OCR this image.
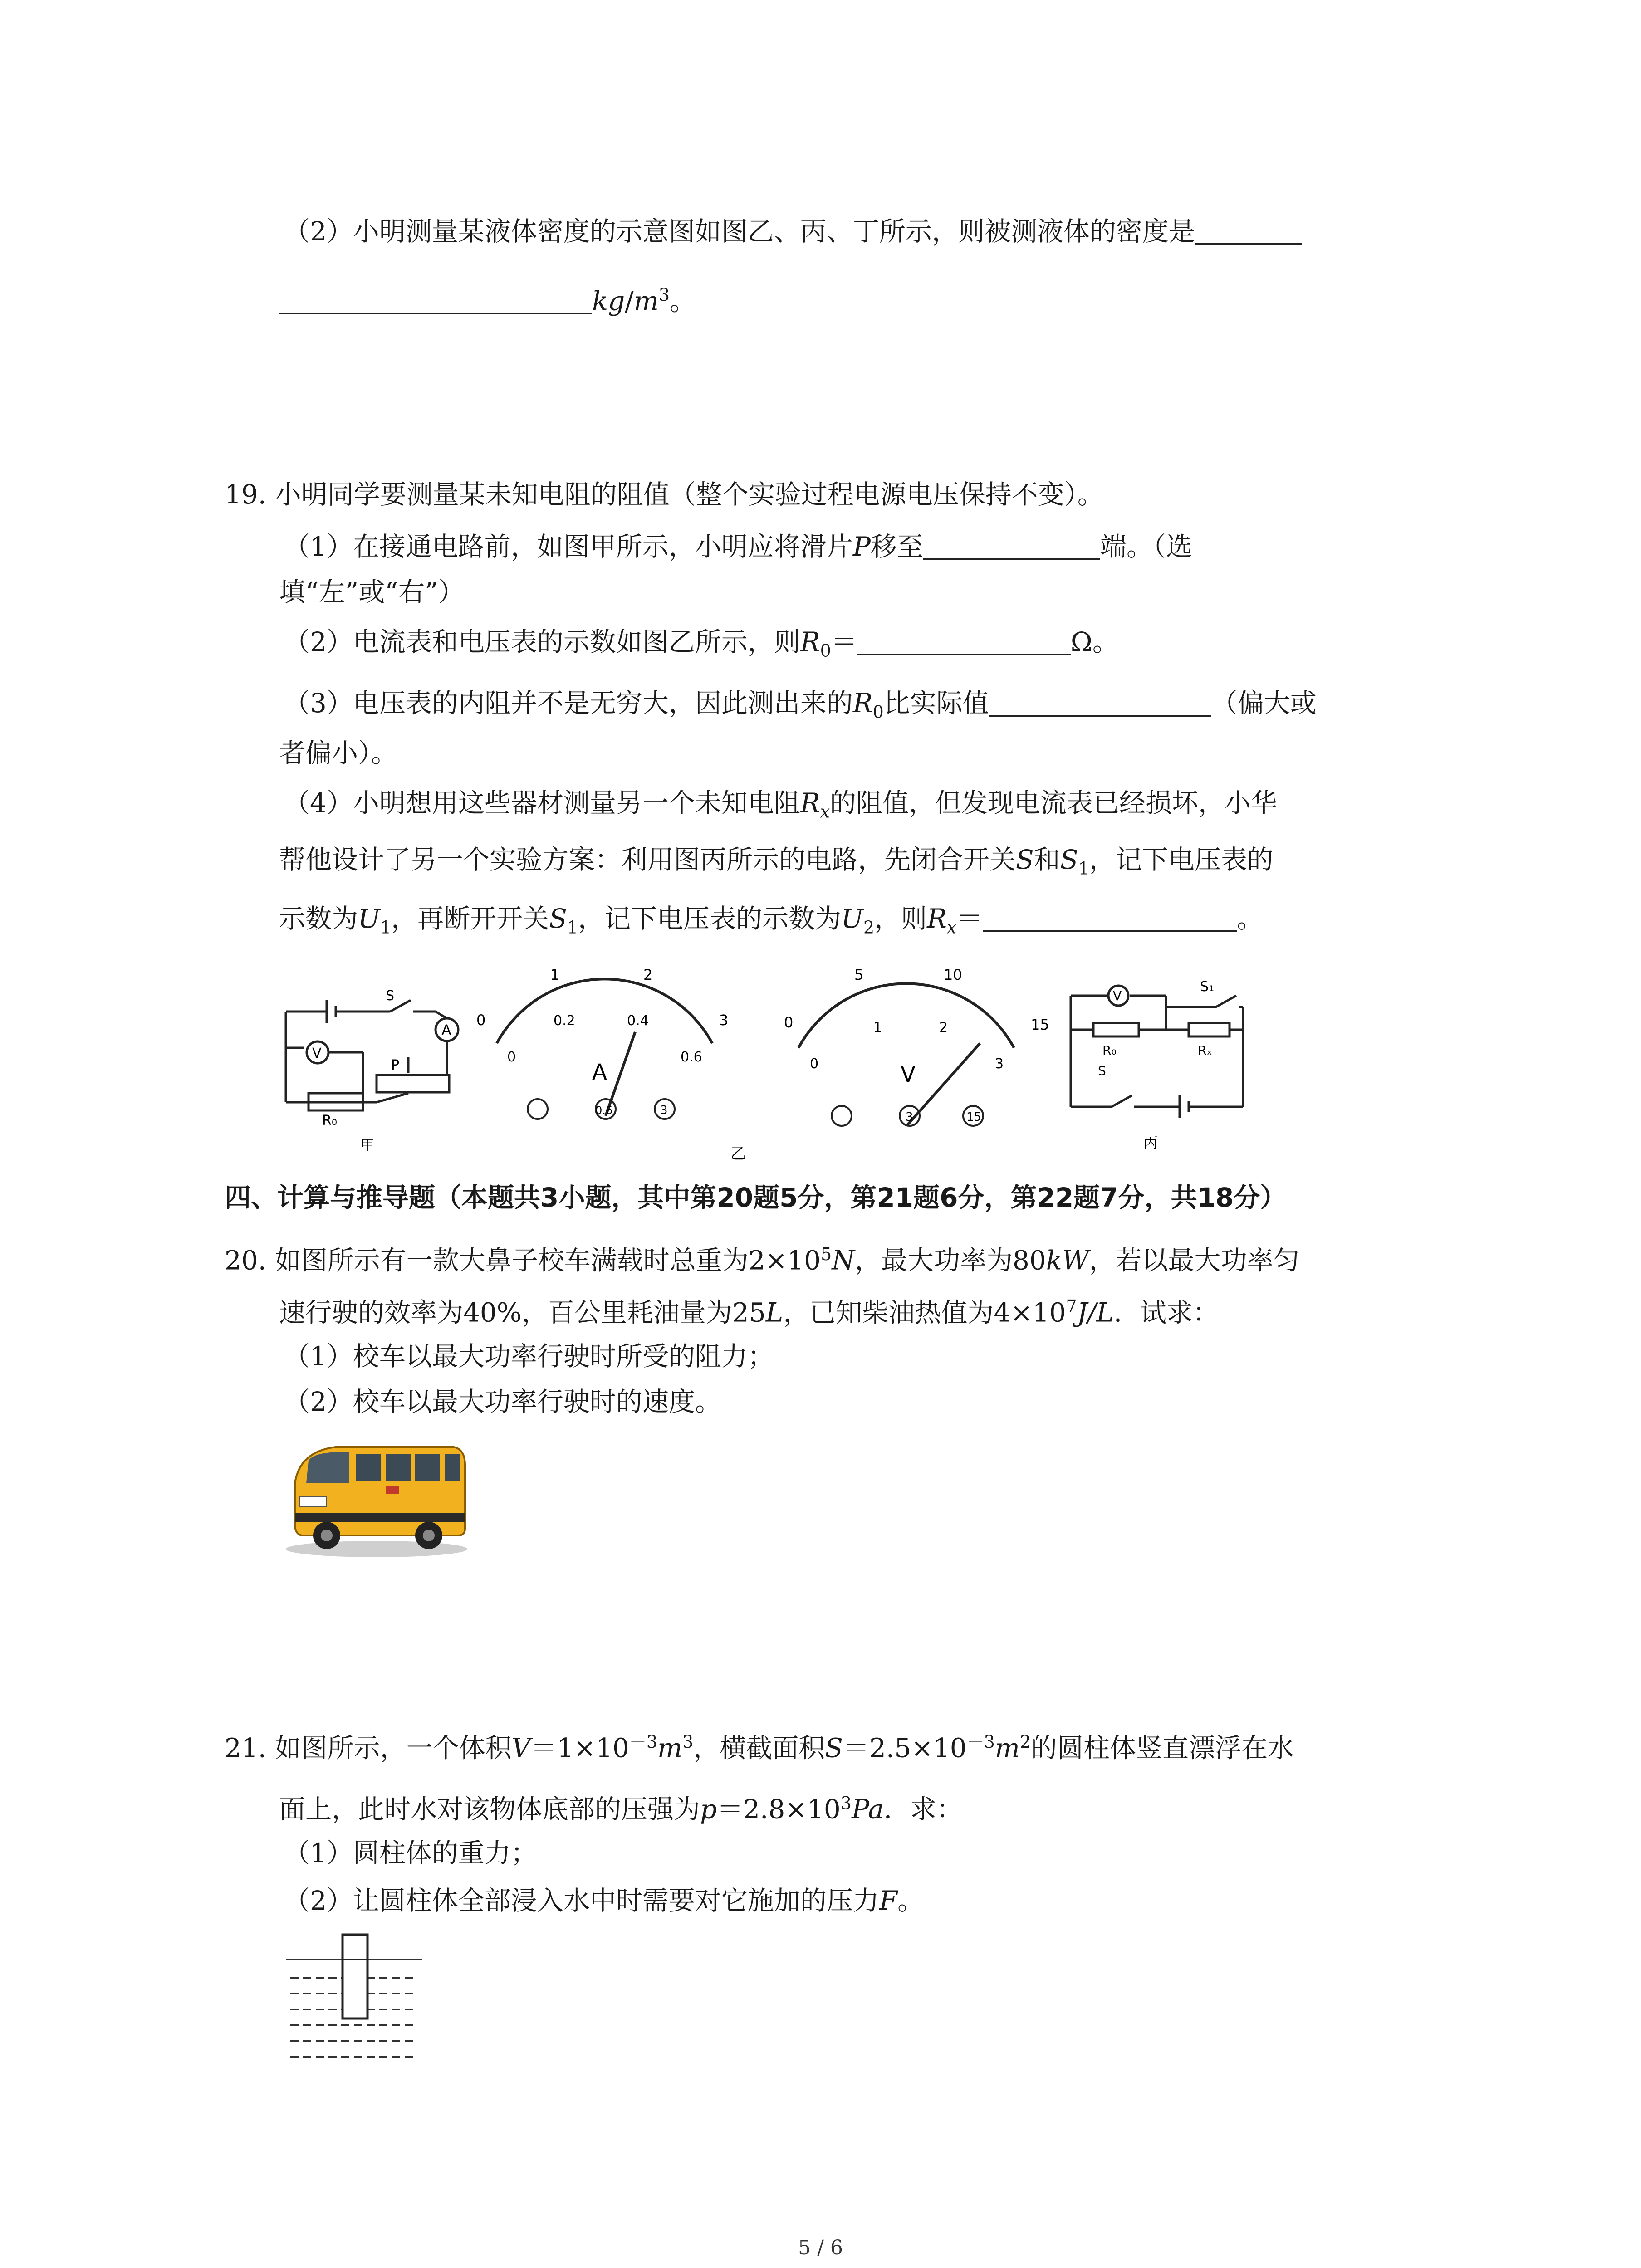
（2）小明测量某液体密度的示意图如图乙、丙、丁所示，则被测液体的密度是
$kg/m^3$。
19. 小明同学要测量某未知电阻的阻值（整个实验过程电源电压保持不变）。
（1）在接通电路前，如图甲所示，小明应将滑片P移至	端。（选
填“左”或“右”）
（2）电流表和电压表的示数如图乙所示，则$R_0=$	Ω。
（3）电压表的内阻并不是无穷大，因此测出来的$R_0$比实际值	（偏大或
者偏小）。
（4）小明想用这些器材测量另一个未知电阻$R_x$的阻值，但发现电流表已经损坏，小华
帮他设计了另一个实验方案：利用图丙所示的电路，先闭合开关S和$S_1$，记下电压表的
示数为$U_1$，再断开开关$S_1$，记下电压表的示数为$U_2$，则$R_x=$	。
S
A
V
P
R₀
甲
0
1	2
3
0
0.2	0.4
0.6
A
0.6	3
0
5	10
15
0
1	2
3
V
3	15
乙
V
S₁
R₀	Rₓ
S
丙
四、计算与推导题（本题共3小题，其中第20题5分，第21题6分，第22题7分，共18分）
20. 如图所示有一款大鼻子校车满载时总重为$2\times 10^5N$，最大功率为80kW，若以最大功率匀
速行驶的效率为40%，百公里耗油量为25L，已知柴油热值为$4\times 10^7J/L$．试求：
（1）校车以最大功率行驶时所受的阻力；
（2）校车以最大功率行驶时的速度。
21. 如图所示，一个体积$V=1\times 10^{-3}m^3$，横截面积$S=2.5\times 10^{-3}m^2$的圆柱体竖直漂浮在水
面上，此时水对该物体底部的压强为$p=2.8\times 10^3Pa$．求：
（1）圆柱体的重力；
（2）让圆柱体全部浸入水中时需要对它施加的压力F。
5 / 6
